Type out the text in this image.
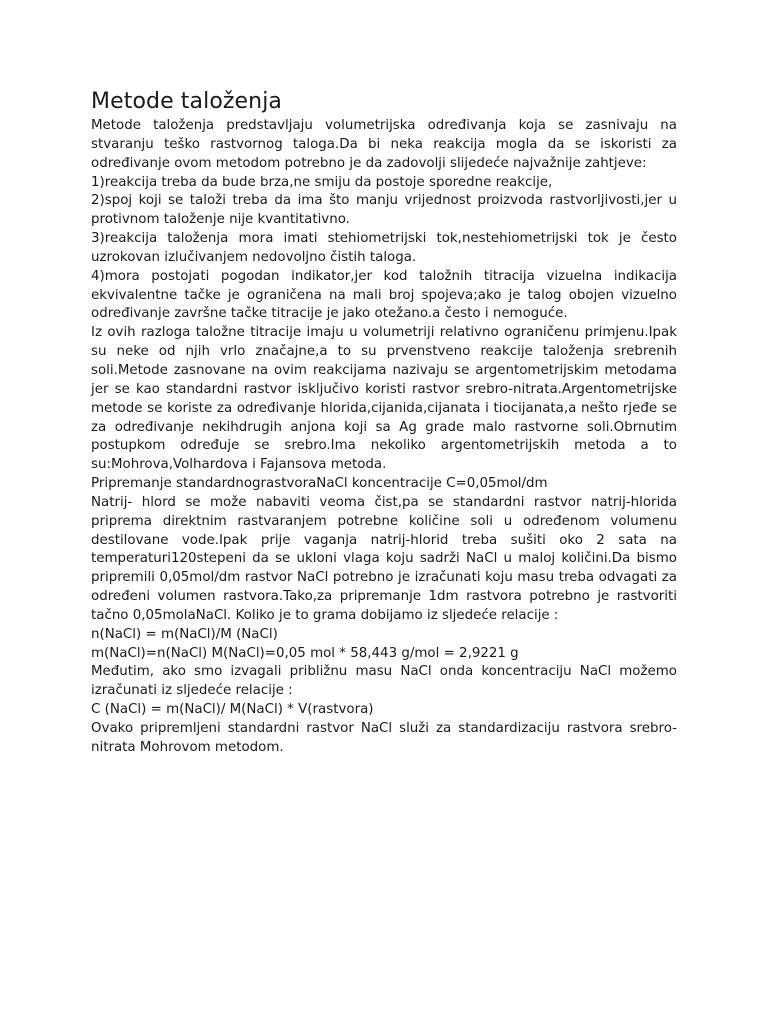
Metode taloženja

Metode taloženja predstavljaju volumetrijska određivanja koja se zasnivaju na stvaranju teško rastvornog taloga.Da bi neka reakcija mogla da se iskoristi za određivanje ovom metodom potrebno je da zadovolji slijedeće najvažnije zahtjeve:

1)reakcija treba da bude brza,ne smiju da postoje sporedne reakcije,

2)spoj koji se taloži treba da ima što manju vrijednost proizvoda rastvorljivosti,jer u protivnom taloženje nije kvantitativno.

3)reakcija taloženja mora imati stehiometrijski tok,nestehiometrijski tok je često uzrokovan izlučivanjem nedovoljno čistih taloga.

4)mora postojati pogodan indikator,jer kod taložnih titracija vizuelna indikacija ekvivalentne tačke je ograničena na mali broj spojeva;ako je talog obojen vizuelno određivanje završne tačke titracije je jako otežano.a često i nemoguće.

Iz ovih razloga taložne titracije imaju u volumetriji relativno ograničenu primjenu.Ipak su neke od njih vrlo značajne,a to su prvenstveno reakcije taloženja srebrenih soli.Metode zasnovane na ovim reakcijama nazivaju se argentometrijskim metodama jer se kao standardni rastvor isključivo koristi rastvor srebro-nitrata.Argentometrijske metode se koriste za određivanje hlorida,cijanida,cijanata i tiocijanata,a nešto rjeđe se za određivanje nekihdrugih anjona koji sa Ag grade malo rastvorne soli.Obrnutim postupkom određuje se srebro.Ima nekoliko argentometrijskih metoda a to su:Mohrova,Volhardova i Fajansova metoda.

Pripremanje standardnograstvoraNaCl koncentracije C=0,05mol/dm

Natrij- hlord se može nabaviti veoma čist,pa se standardni rastvor natrij-hlorida priprema direktnim rastvaranjem potrebne količine soli u određenom volumenu destilovane vode.Ipak prije vaganja natrij-hlorid treba sušiti oko 2 sata na temperaturi120stepeni da se ukloni vlaga koju sadrži NaCl u maloj količini.Da bismo pripremili 0,05mol/dm rastvor NaCl potrebno je izračunati koju masu treba odvagati za određeni volumen rastvora.Tako,za pripremanje 1dm rastvora potrebno je rastvoriti tačno 0,05molaNaCl. Koliko je to grama dobijamo iz sljedeće relacije :

n(NaCl) = m(NaCl)/M (NaCl)

m(NaCl)=n(NaCl) M(NaCl)=0,05 mol * 58,443 g/mol = 2,9221 g

Međutim, ako smo izvagali približnu masu NaCl onda koncentraciju NaCl možemo izračunati iz sljedeće relacije :

C (NaCl) = m(NaCl)/ M(NaCl) * V(rastvora)

Ovako pripremljeni standardni rastvor NaCl služi za standardizaciju rastvora srebro-nitrata Mohrovom metodom.
